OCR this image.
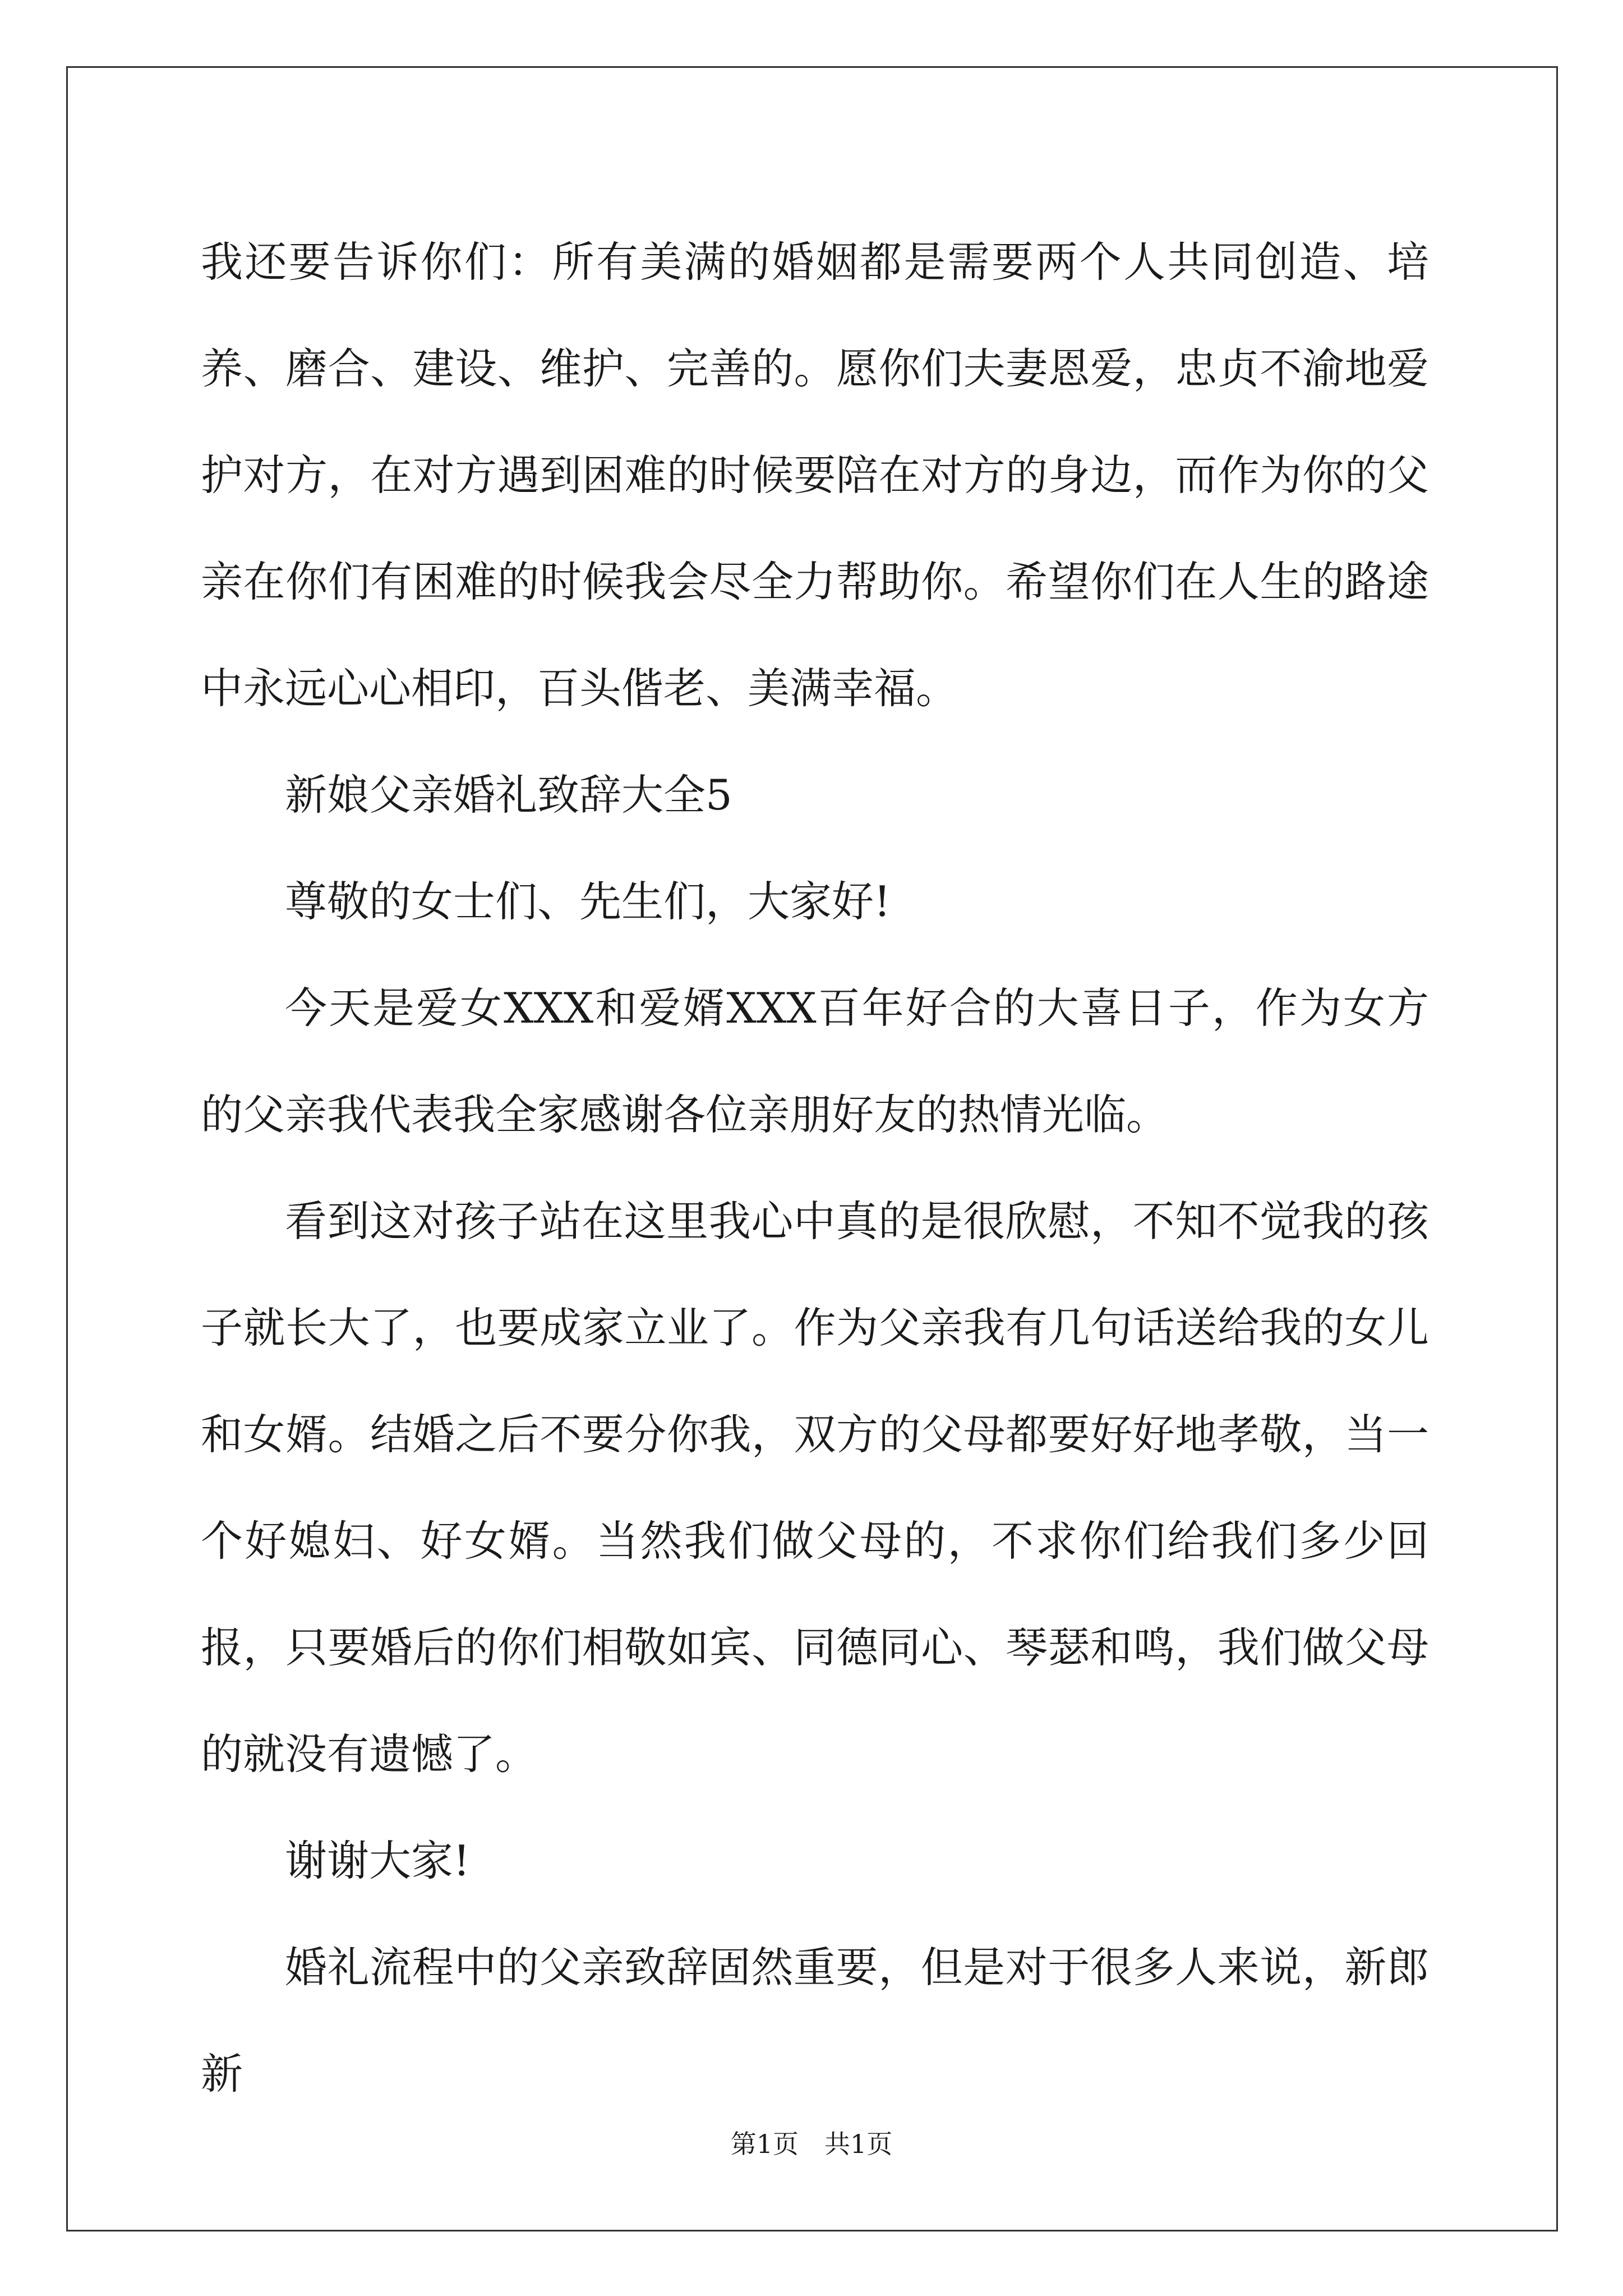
我还要告诉你们：所有美满的婚姻都是需要两个人共同创造、培养、磨合、建设、维护、完善的。愿你们夫妻恩爱，忠贞不渝地爱护对方，在对方遇到困难的时候要陪在对方的身边，而作为你的父亲在你们有困难的时候我会尽全力帮助你。希望你们在人生的路途中永远心心相印，百头偕老、美满幸福。

新娘父亲婚礼致辞大全5

尊敬的女士们、先生们，大家好!

今天是爱女XXX和爱婿XXX百年好合的大喜日子，作为女方的父亲我代表我全家感谢各位亲朋好友的热情光临。

看到这对孩子站在这里我心中真的是很欣慰，不知不觉我的孩子就长大了，也要成家立业了。作为父亲我有几句话送给我的女儿和女婿。结婚之后不要分你我，双方的父母都要好好地孝敬，当一个好媳妇、好女婿。当然我们做父母的，不求你们给我们多少回报，只要婚后的你们相敬如宾、同德同心、琴瑟和鸣，我们做父母的就没有遗憾了。

谢谢大家!

婚礼流程中的父亲致辞固然重要，但是对于很多人来说，新郎新

第1页　共1页
